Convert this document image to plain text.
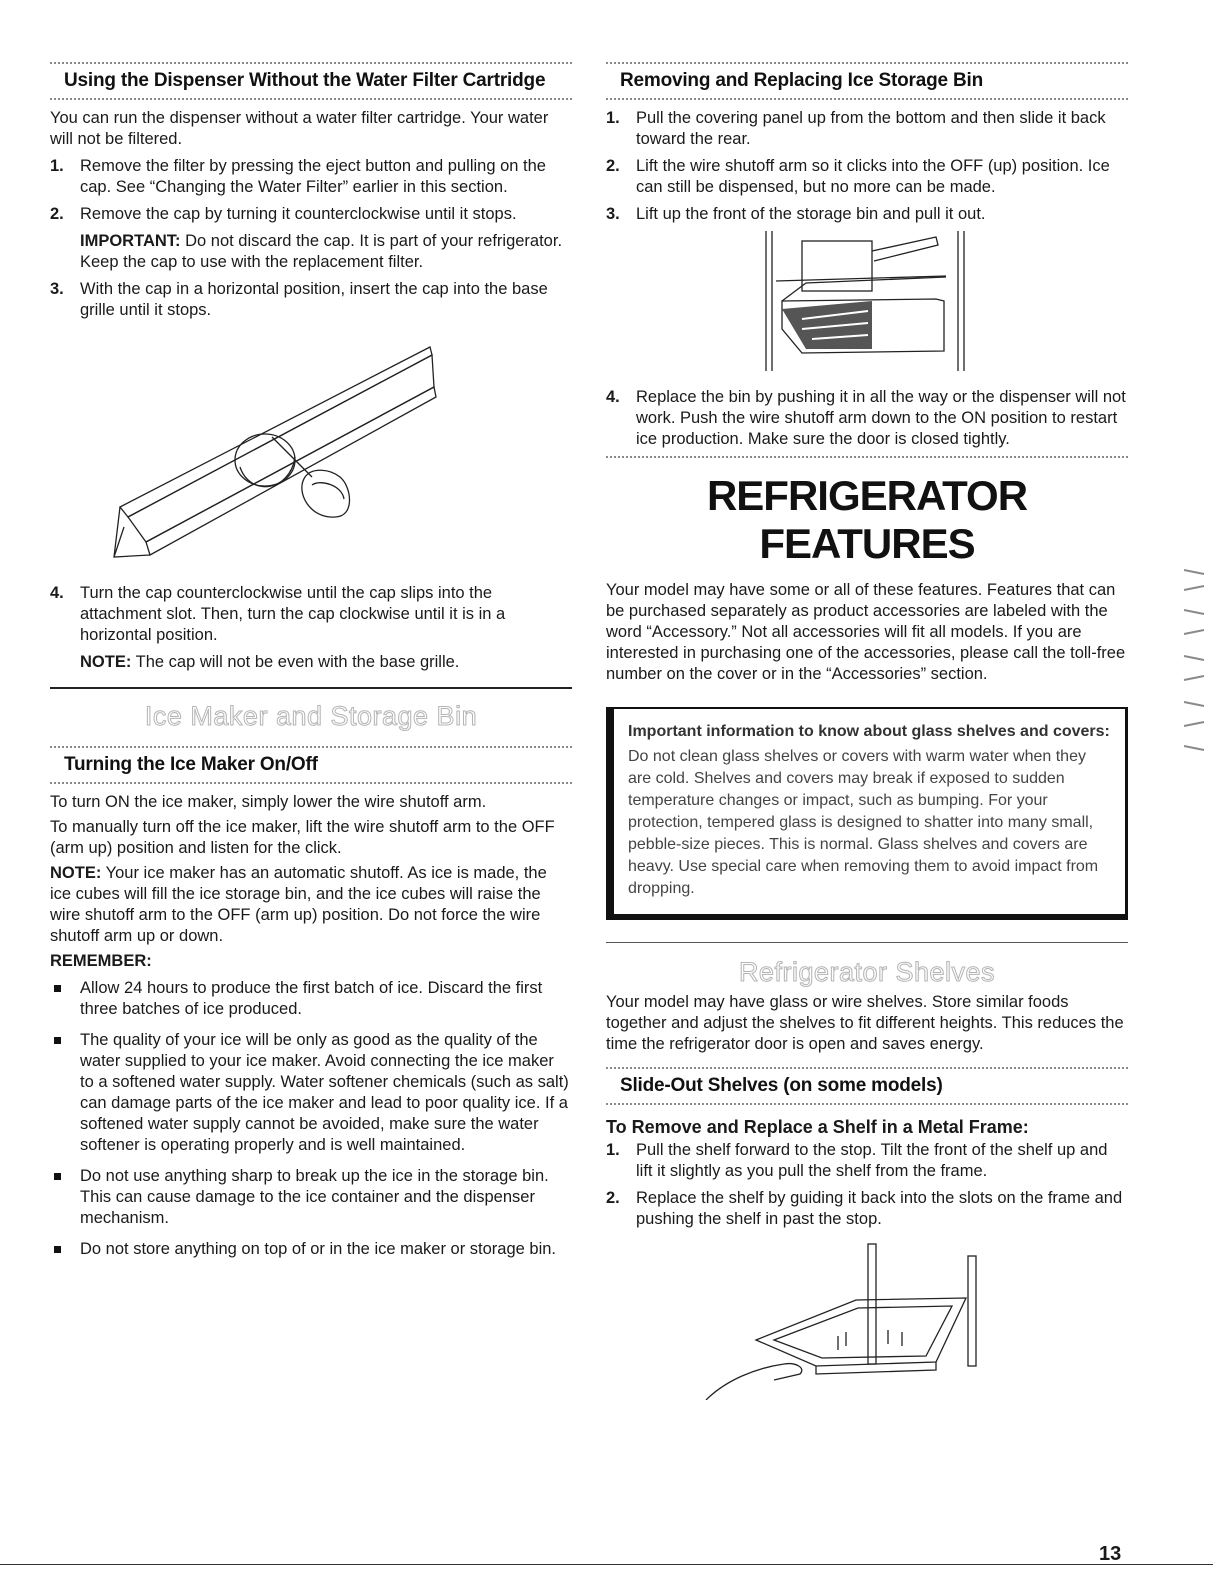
Using the Dispenser Without the Water Filter Cartridge

You can run the dispenser without a water filter cartridge. Your water will not be filtered.

1. Remove the filter by pressing the eject button and pulling on the cap. See “Changing the Water Filter” earlier in this section.
2. Remove the cap by turning it counterclockwise until it stops.
IMPORTANT: Do not discard the cap. It is part of your refrigerator. Keep the cap to use with the replacement filter.
3. With the cap in a horizontal position, insert the cap into the base grille until it stops.
4. Turn the cap counterclockwise until the cap slips into the attachment slot. Then, turn the cap clockwise until it is in a horizontal position.
NOTE: The cap will not be even with the base grille.
Ice Maker and Storage Bin
Turning the Ice Maker On/Off

To turn ON the ice maker, simply lower the wire shutoff arm.

To manually turn off the ice maker, lift the wire shutoff arm to the OFF (arm up) position and listen for the click.

NOTE: Your ice maker has an automatic shutoff. As ice is made, the ice cubes will fill the ice storage bin, and the ice cubes will raise the wire shutoff arm to the OFF (arm up) position. Do not force the wire shutoff arm up or down.

REMEMBER:

Allow 24 hours to produce the first batch of ice. Discard the first three batches of ice produced.
The quality of your ice will be only as good as the quality of the water supplied to your ice maker. Avoid connecting the ice maker to a softened water supply. Water softener chemicals (such as salt) can damage parts of the ice maker and lead to poor quality ice. If a softened water supply cannot be avoided, make sure the water softener is operating properly and is well maintained.
Do not use anything sharp to break up the ice in the storage bin. This can cause damage to the ice container and the dispenser mechanism.
Do not store anything on top of or in the ice maker or storage bin.
Removing and Replacing Ice Storage Bin
1. Pull the covering panel up from the bottom and then slide it back toward the rear.
2. Lift the wire shutoff arm so it clicks into the OFF (up) position. Ice can still be dispensed, but no more can be made.
3. Lift up the front of the storage bin and pull it out.
4. Replace the bin by pushing it in all the way or the dispenser will not work. Push the wire shutoff arm down to the ON position to restart ice production. Make sure the door is closed tightly.
REFRIGERATOR FEATURES

Your model may have some or all of these features. Features that can be purchased separately as product accessories are labeled with the word “Accessory.” Not all accessories will fit all models. If you are interested in purchasing one of the accessories, please call the toll-free number on the cover or in the “Accessories” section.

Important information to know about glass shelves and covers:

Do not clean glass shelves or covers with warm water when they are cold. Shelves and covers may break if exposed to sudden temperature changes or impact, such as bumping. For your protection, tempered glass is designed to shatter into many small, pebble-size pieces. This is normal. Glass shelves and covers are heavy. Use special care when removing them to avoid impact from dropping.

Refrigerator Shelves

Your model may have glass or wire shelves. Store similar foods together and adjust the shelves to fit different heights. This reduces the time the refrigerator door is open and saves energy.

Slide-Out Shelves (on some models)
To Remove and Replace a Shelf in a Metal Frame:
1. Pull the shelf forward to the stop. Tilt the front of the shelf up and lift it slightly as you pull the shelf from the frame.
2. Replace the shelf by guiding it back into the slots on the frame and pushing the shelf in past the stop.
13
